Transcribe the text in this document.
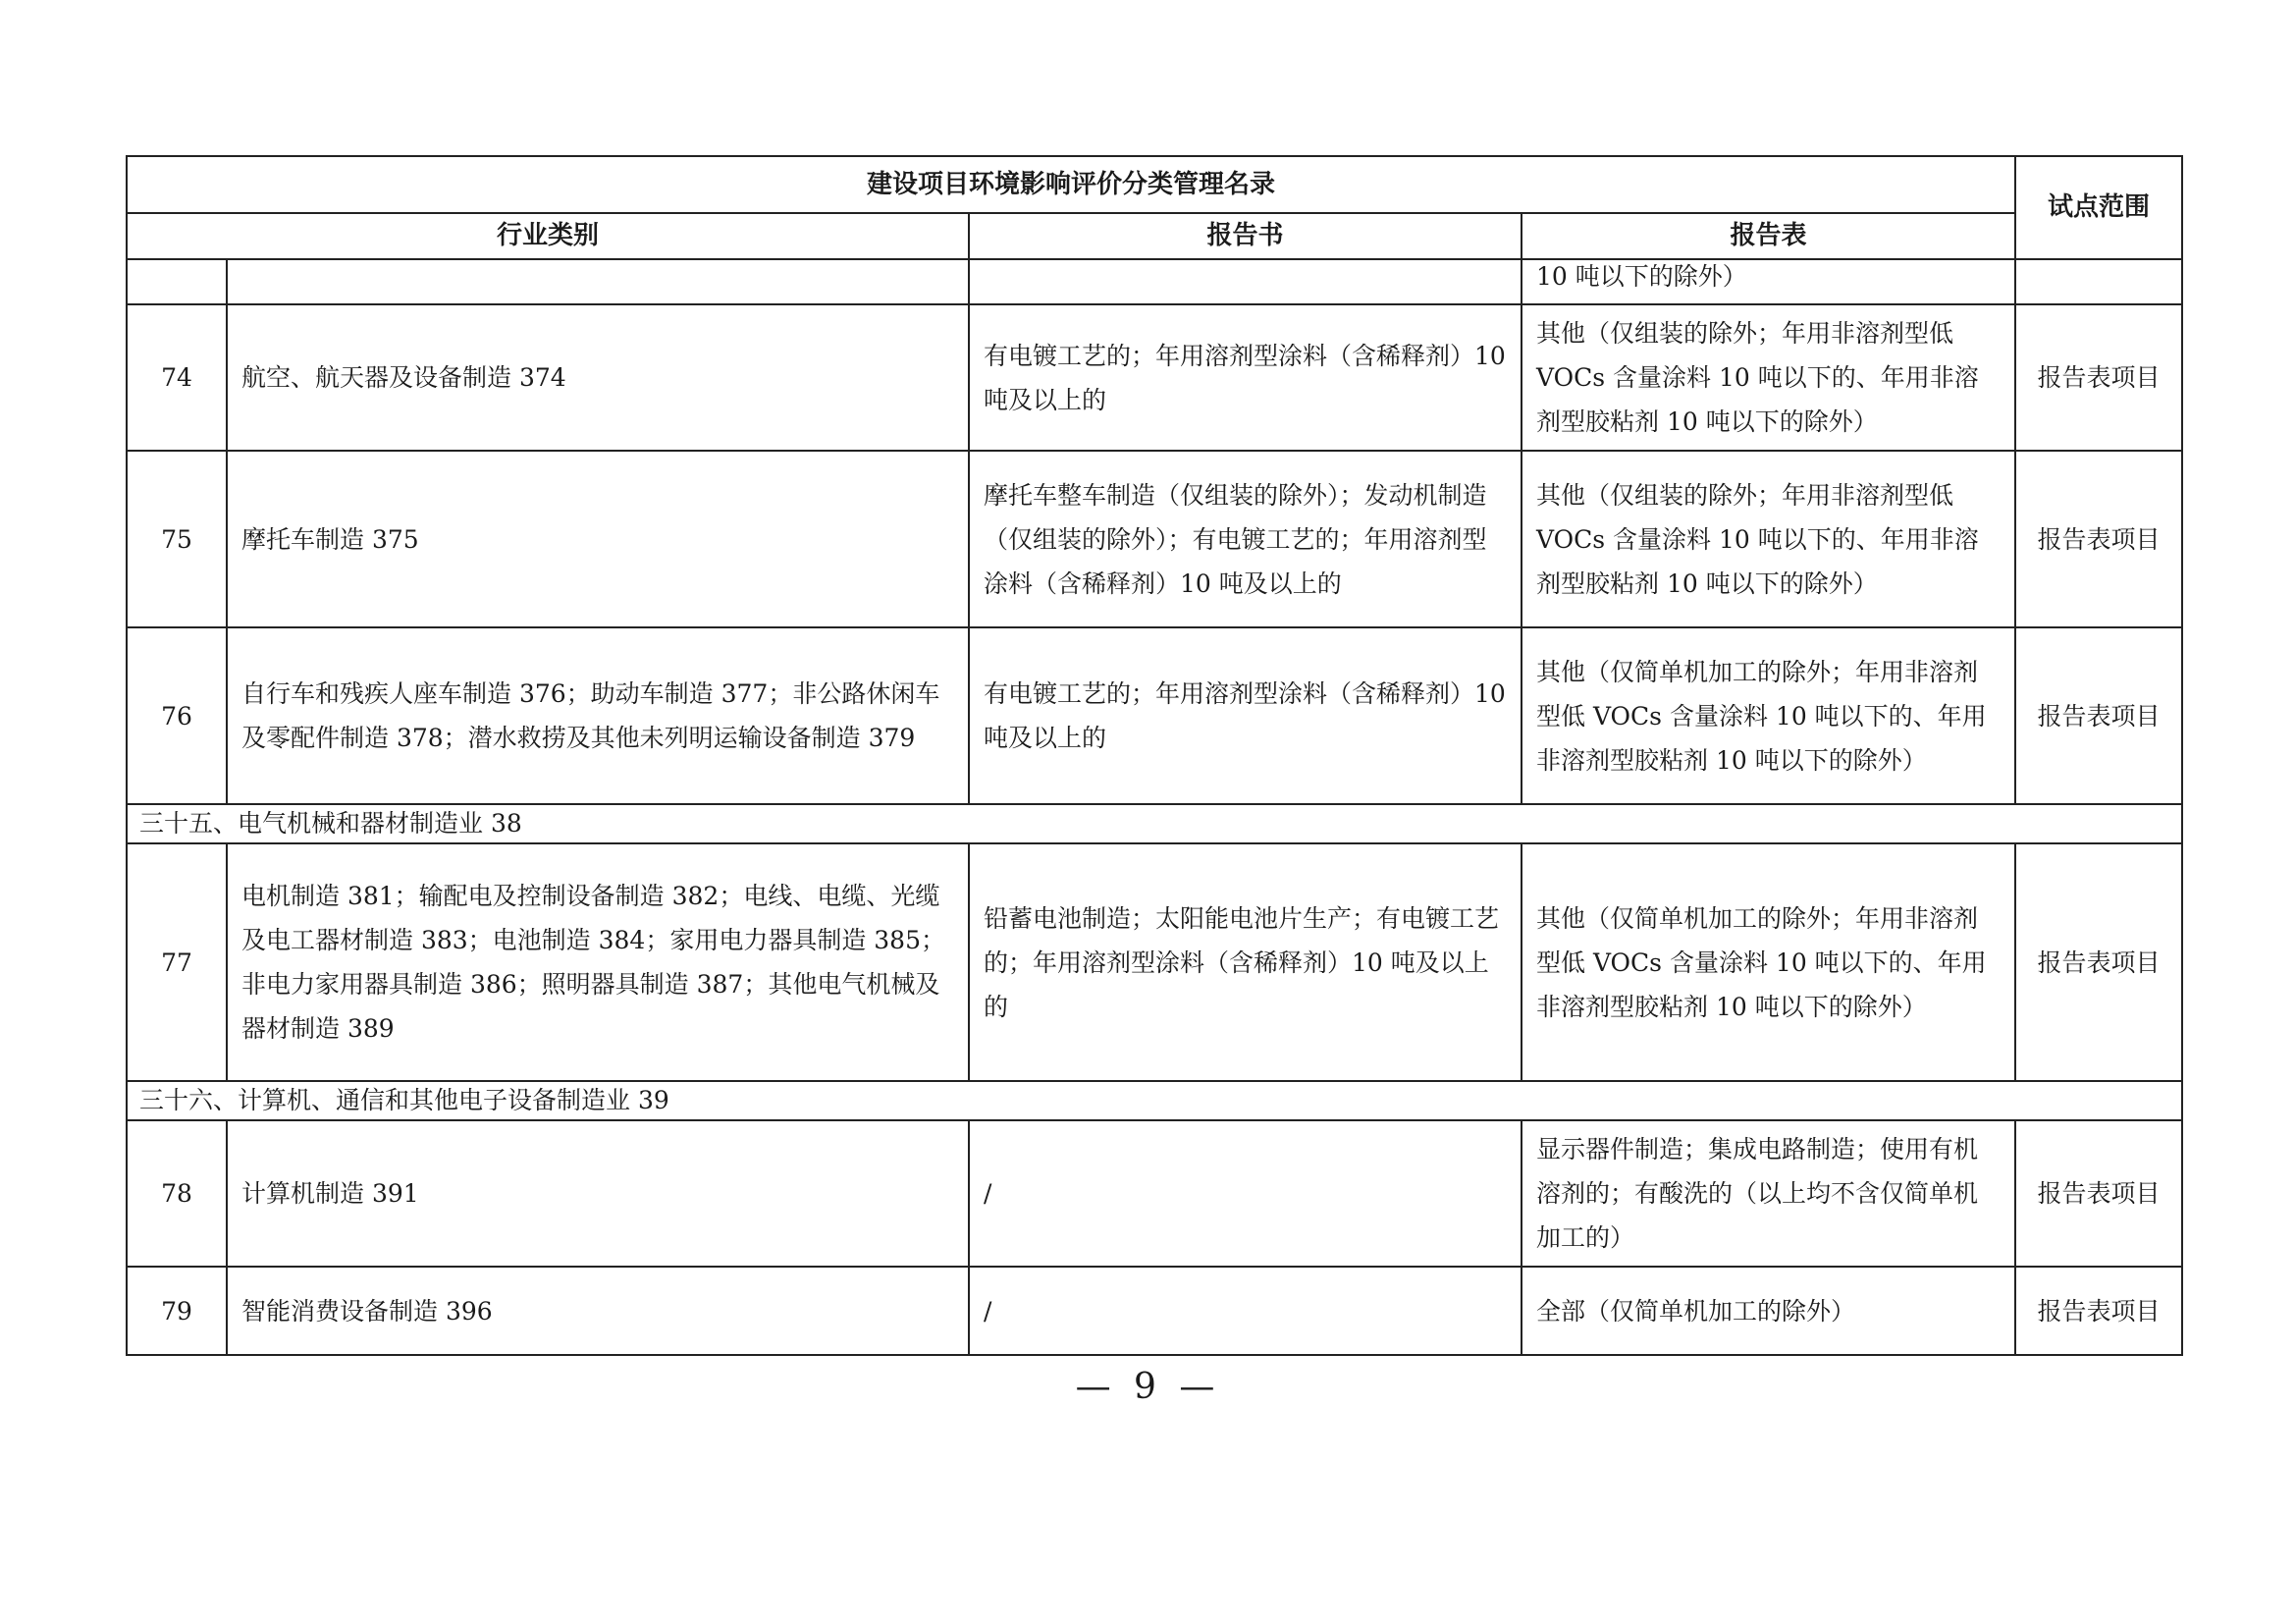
建设项目环境影响评价分类管理名录				试点范围
行业类别		报告书	报告表	
			10 吨以下的除外）	
74	航空、航天器及设备制造 374	有电镀工艺的；年用溶剂型涂料（含稀释剂）10 吨及以上的	其他（仅组装的除外；年用非溶剂型低 VOCs 含量涂料 10 吨以下的、年用非溶剂型胶粘剂 10 吨以下的除外）	报告表项目
75	摩托车制造 375	摩托车整车制造（仅组装的除外）；发动机制造（仅组装的除外）；有电镀工艺的；年用溶剂型涂料（含稀释剂）10 吨及以上的	其他（仅组装的除外；年用非溶剂型低 VOCs 含量涂料 10 吨以下的、年用非溶剂型胶粘剂 10 吨以下的除外）	报告表项目
76	自行车和残疾人座车制造 376；助动车制造 377；非公路休闲车及零配件制造 378；潜水救捞及其他未列明运输设备制造 379	有电镀工艺的；年用溶剂型涂料（含稀释剂）10 吨及以上的	其他（仅简单机加工的除外；年用非溶剂型低 VOCs 含量涂料 10 吨以下的、年用非溶剂型胶粘剂 10 吨以下的除外）	报告表项目
三十五、电气机械和器材制造业 38				
77	电机制造 381；输配电及控制设备制造 382；电线、电缆、光缆及电工器材制造 383；电池制造 384；家用电力器具制造 385；非电力家用器具制造 386；照明器具制造 387；其他电气机械及器材制造 389	铅蓄电池制造；太阳能电池片生产；有电镀工艺的；年用溶剂型涂料（含稀释剂）10 吨及以上的	其他（仅简单机加工的除外；年用非溶剂型低 VOCs 含量涂料 10 吨以下的、年用非溶剂型胶粘剂 10 吨以下的除外）	报告表项目
三十六、计算机、通信和其他电子设备制造业 39				
78	计算机制造 391	/	显示器件制造；集成电路制造；使用有机溶剂的；有酸洗的（以上均不含仅简单机加工的）	报告表项目
79	智能消费设备制造 396	/	全部（仅简单机加工的除外）	报告表项目
— 9 —
